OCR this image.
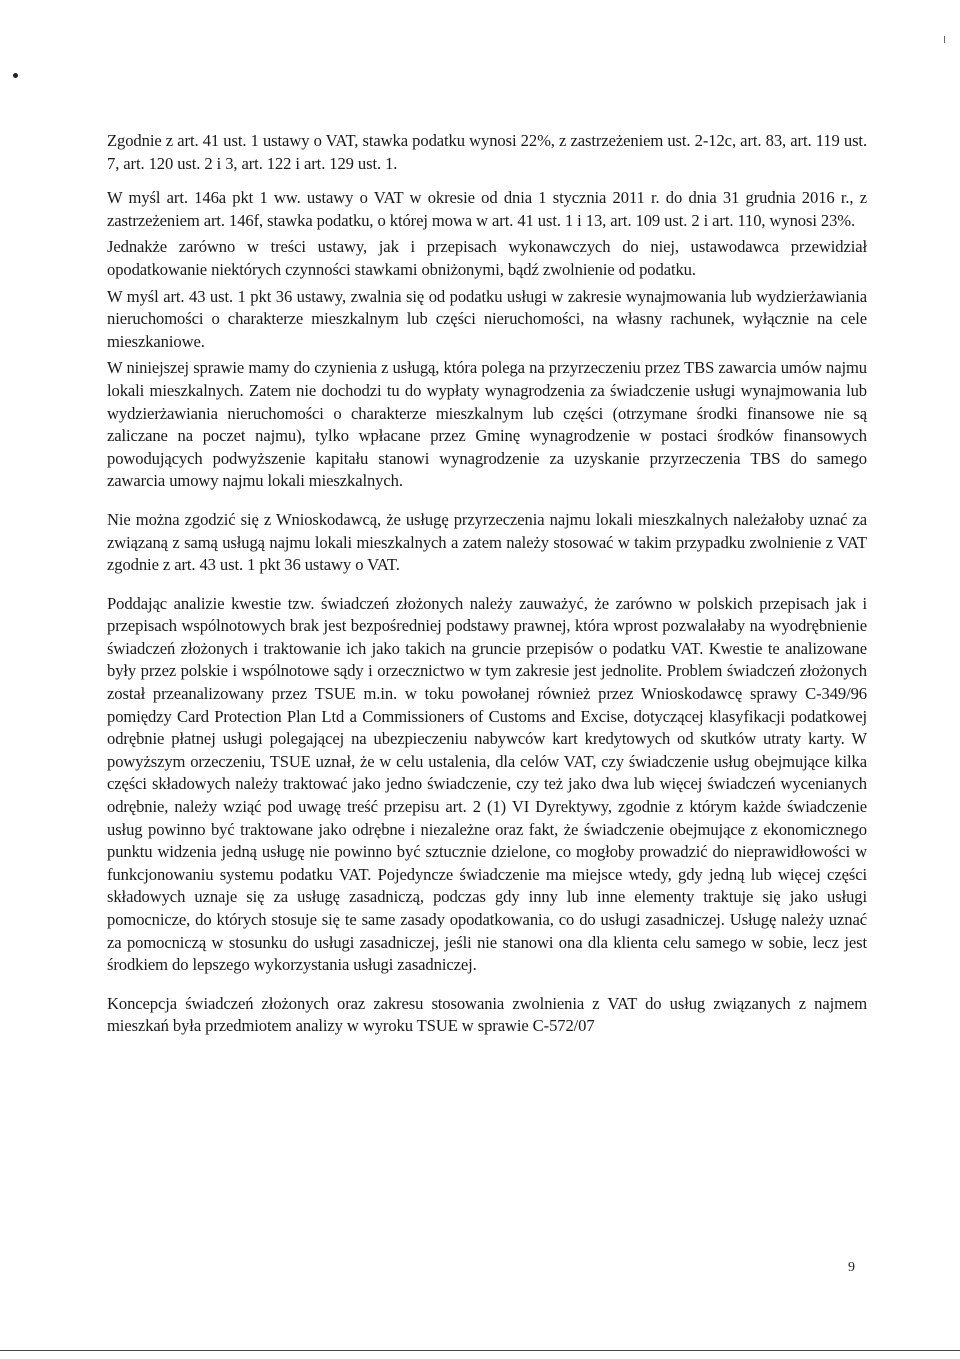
Zgodnie z art. 41 ust. 1 ustawy o VAT, stawka podatku wynosi 22%, z zastrzeżeniem ust. 2-12c, art. 83, art. 119 ust. 7, art. 120 ust. 2 i 3, art. 122 i art. 129 ust. 1.

W myśl art. 146a pkt 1 ww. ustawy o VAT w okresie od dnia 1 stycznia 2011 r. do dnia 31 grudnia 2016 r., z zastrzeżeniem art. 146f, stawka podatku, o której mowa w art. 41 ust. 1 i 13, art. 109 ust. 2 i art. 110, wynosi 23%.

Jednakże zarówno w treści ustawy, jak i przepisach wykonawczych do niej, ustawodawca przewidział opodatkowanie niektórych czynności stawkami obniżonymi, bądź zwolnienie od podatku.

W myśl art. 43 ust. 1 pkt 36 ustawy, zwalnia się od podatku usługi w zakresie wynajmowania lub wydzierżawiania nieruchomości o charakterze mieszkalnym lub części nieruchomości, na własny rachunek, wyłącznie na cele mieszkaniowe.

W niniejszej sprawie mamy do czynienia z usługą, która polega na przyrzeczeniu przez TBS zawarcia umów najmu lokali mieszkalnych. Zatem nie dochodzi tu do wypłaty wynagrodzenia za świadczenie usługi wynajmowania lub wydzierżawiania nieruchomości o charakterze mieszkalnym lub części (otrzymane środki finansowe nie są zaliczane na poczet najmu), tylko wpłacane przez Gminę wynagrodzenie w postaci środków finansowych powodujących podwyższenie kapitału stanowi wynagrodzenie za uzyskanie przyrzeczenia TBS do samego zawarcia umowy najmu lokali mieszkalnych.

Nie można zgodzić się z Wnioskodawcą, że usługę przyrzeczenia najmu lokali mieszkalnych należałoby uznać za związaną z samą usługą najmu lokali mieszkalnych a zatem należy stosować w takim przypadku zwolnienie z VAT zgodnie z art. 43 ust. 1 pkt 36 ustawy o VAT.

Poddając analizie kwestie tzw. świadczeń złożonych należy zauważyć, że zarówno w polskich przepisach jak i przepisach wspólnotowych brak jest bezpośredniej podstawy prawnej, która wprost pozwalałaby na wyodrębnienie świadczeń złożonych i traktowanie ich jako takich na gruncie przepisów o podatku VAT. Kwestie te analizowane były przez polskie i wspólnotowe sądy i orzecznictwo w tym zakresie jest jednolite. Problem świadczeń złożonych został przeanalizowany przez TSUE m.in. w toku powołanej również przez Wnioskodawcę sprawy C-349/96 pomiędzy Card Protection Plan Ltd a Commissioners of Customs and Excise, dotyczącej klasyfikacji podatkowej odrębnie płatnej usługi polegającej na ubezpieczeniu nabywców kart kredytowych od skutków utraty karty. W powyższym orzeczeniu, TSUE uznał, że w celu ustalenia, dla celów VAT, czy świadczenie usług obejmujące kilka części składowych należy traktować jako jedno świadczenie, czy też jako dwa lub więcej świadczeń wycenianych odrębnie, należy wziąć pod uwagę treść przepisu art. 2 (1) VI Dyrektywy, zgodnie z którym każde świadczenie usług powinno być traktowane jako odrębne i niezależne oraz fakt, że świadczenie obejmujące z ekonomicznego punktu widzenia jedną usługę nie powinno być sztucznie dzielone, co mogłoby prowadzić do nieprawidłowości w funkcjonowaniu systemu podatku VAT. Pojedyncze świadczenie ma miejsce wtedy, gdy jedną lub więcej części składowych uznaje się za usługę zasadniczą, podczas gdy inny lub inne elementy traktuje się jako usługi pomocnicze, do których stosuje się te same zasady opodatkowania, co do usługi zasadniczej. Usługę należy uznać za pomocniczą w stosunku do usługi zasadniczej, jeśli nie stanowi ona dla klienta celu samego w sobie, lecz jest środkiem do lepszego wykorzystania usługi zasadniczej.

Koncepcja świadczeń złożonych oraz zakresu stosowania zwolnienia z VAT do usług związanych z najmem mieszkań była przedmiotem analizy w wyroku TSUE w sprawie C-572/07

9
